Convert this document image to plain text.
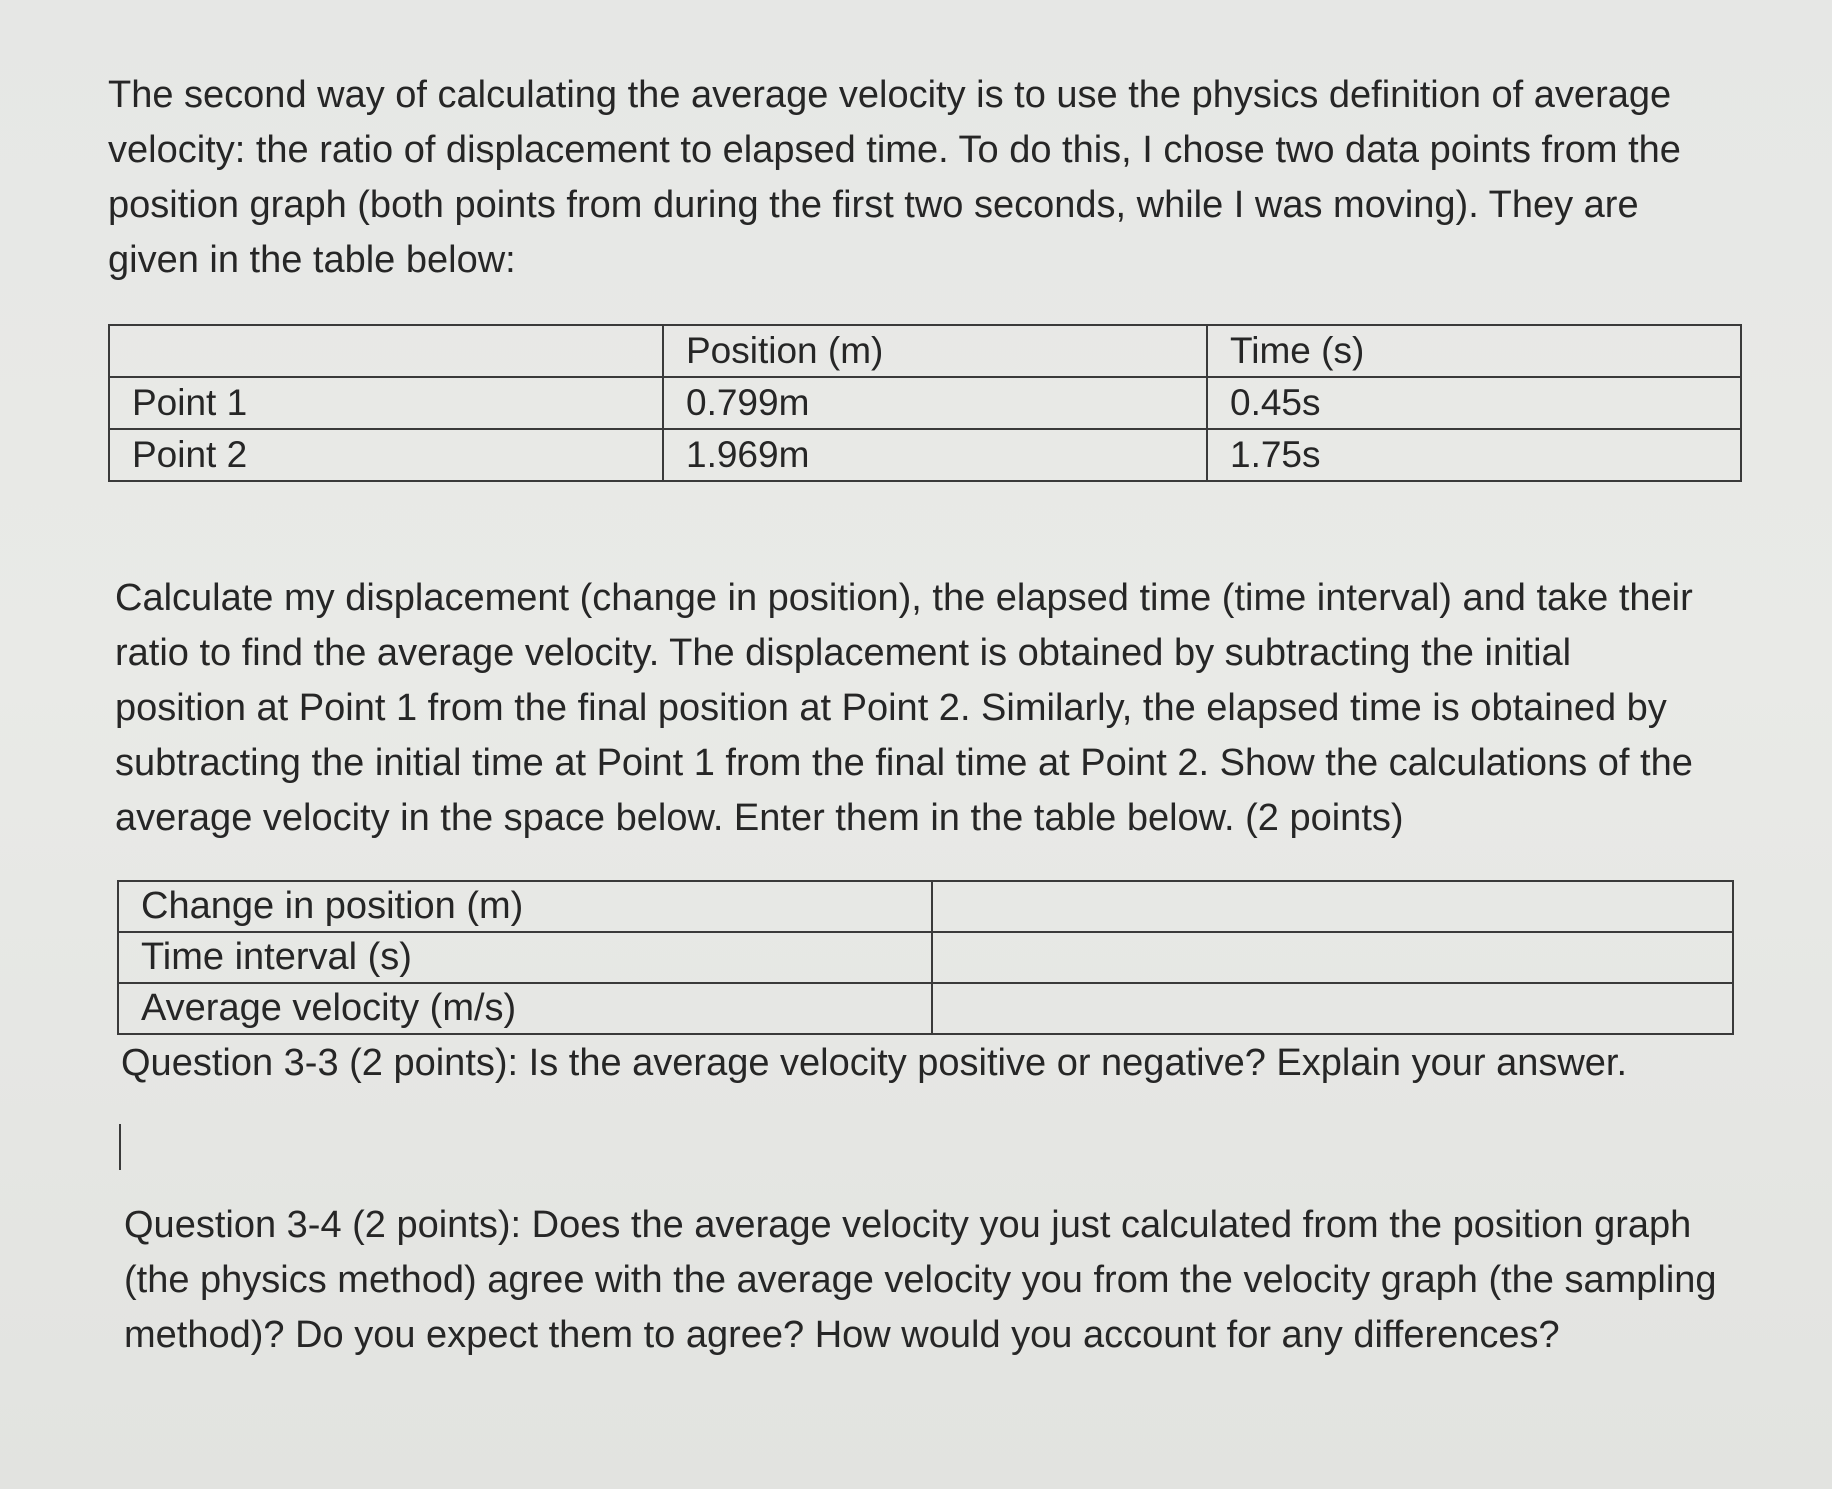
The second way of calculating the average velocity is to use the physics definition of average
velocity: the ratio of displacement to elapsed time. To do this, I chose two data points from the
position graph (both points from during the first two seconds, while I was moving). They are
given in the table below:
	Position (m)	Time (s)
Point 1	0.799m	0.45s
Point 2	1.969m	1.75s
Calculate my displacement (change in position), the elapsed time (time interval) and take their
ratio to find the average velocity. The displacement is obtained by subtracting the initial
position at Point 1 from the final position at Point 2. Similarly, the elapsed time is obtained by
subtracting the initial time at Point 1 from the final time at Point 2. Show the calculations of the
average velocity in the space below. Enter them in the table below. (2 points)
Change in position (m)	
Time interval (s)	
Average velocity (m/s)	
Question 3-3 (2 points): Is the average velocity positive or negative? Explain your answer.
Question 3-4 (2 points): Does the average velocity you just calculated from the position graph
(the physics method) agree with the average velocity you from the velocity graph (the sampling
method)? Do you expect them to agree? How would you account for any differences?
